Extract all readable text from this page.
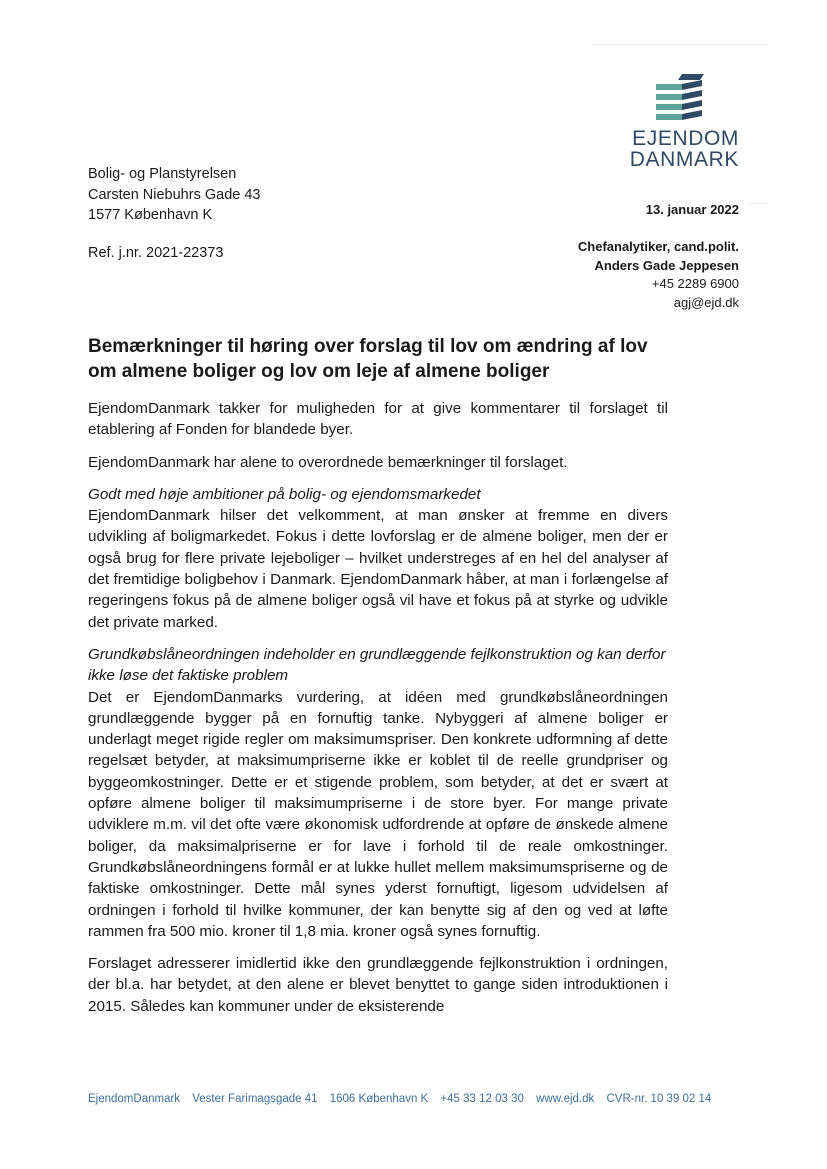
EJENDOM
DANMARK
Bolig- og Planstyrelsen
Carsten Niebuhrs Gade 43
1577 København K
Ref. j.nr. 2021-22373
13. januar 2022
Chefanalytiker, cand.polit.
Anders Gade Jeppesen
+45 2289 6900
agj@ejd.dk
Bemærkninger til høring over forslag til lov om ændring af lov om almene boliger og lov om leje af almene boliger

EjendomDanmark takker for muligheden for at give kommentarer til forslaget til etablering af Fonden for blandede byer.

EjendomDanmark har alene to overordnede bemærkninger til forslaget.

Godt med høje ambitioner på bolig- og ejendomsmarkedet
EjendomDanmark hilser det velkomment, at man ønsker at fremme en divers udvikling af boligmarkedet. Fokus i dette lovforslag er de almene boliger, men der er også brug for flere private lejeboliger – hvilket understreges af en hel del analyser af det fremtidige boligbehov i Danmark. EjendomDanmark håber, at man i forlængelse af regeringens fokus på de almene boliger også vil have et fokus på at styrke og udvikle det private marked.

Grundkøbslåneordningen indeholder en grundlæggende fejlkonstruktion og kan derfor ikke løse det faktiske problem
Det er EjendomDanmarks vurdering, at idéen med grundkøbslåneordningen grundlæggende bygger på en fornuftig tanke. Nybyggeri af almene boliger er underlagt meget rigide regler om maksimumspriser. Den konkrete udformning af dette regelsæt betyder, at maksimumpriserne ikke er koblet til de reelle grundpriser og byggeomkostninger. Dette er et stigende problem, som betyder, at det er svært at opføre almene boliger til maksimumpriserne i de store byer. For mange private udviklere m.m. vil det ofte være økonomisk udfordrende at opføre de ønskede almene boliger, da maksimalpriserne er for lave i forhold til de reale omkostninger. Grundkøbslåneordningens formål er at lukke hullet mellem maksimumspriserne og de faktiske omkostninger. Dette mål synes yderst fornuftigt, ligesom udvidelsen af ordningen i forhold til hvilke kommuner, der kan benytte sig af den og ved at løfte rammen fra 500 mio. kroner til 1,8 mia. kroner også synes fornuftig.

Forslaget adresserer imidlertid ikke den grundlæggende fejlkonstruktion i ordningen, der bl.a. har betydet, at den alene er blevet benyttet to gange siden introduktionen i 2015. Således kan kommuner under de eksisterende

EjendomDanmark Vester Farimagsgade 41 1606 København K +45 33 12 03 30 www.ejd.dk CVR-nr. 10 39 02 14
